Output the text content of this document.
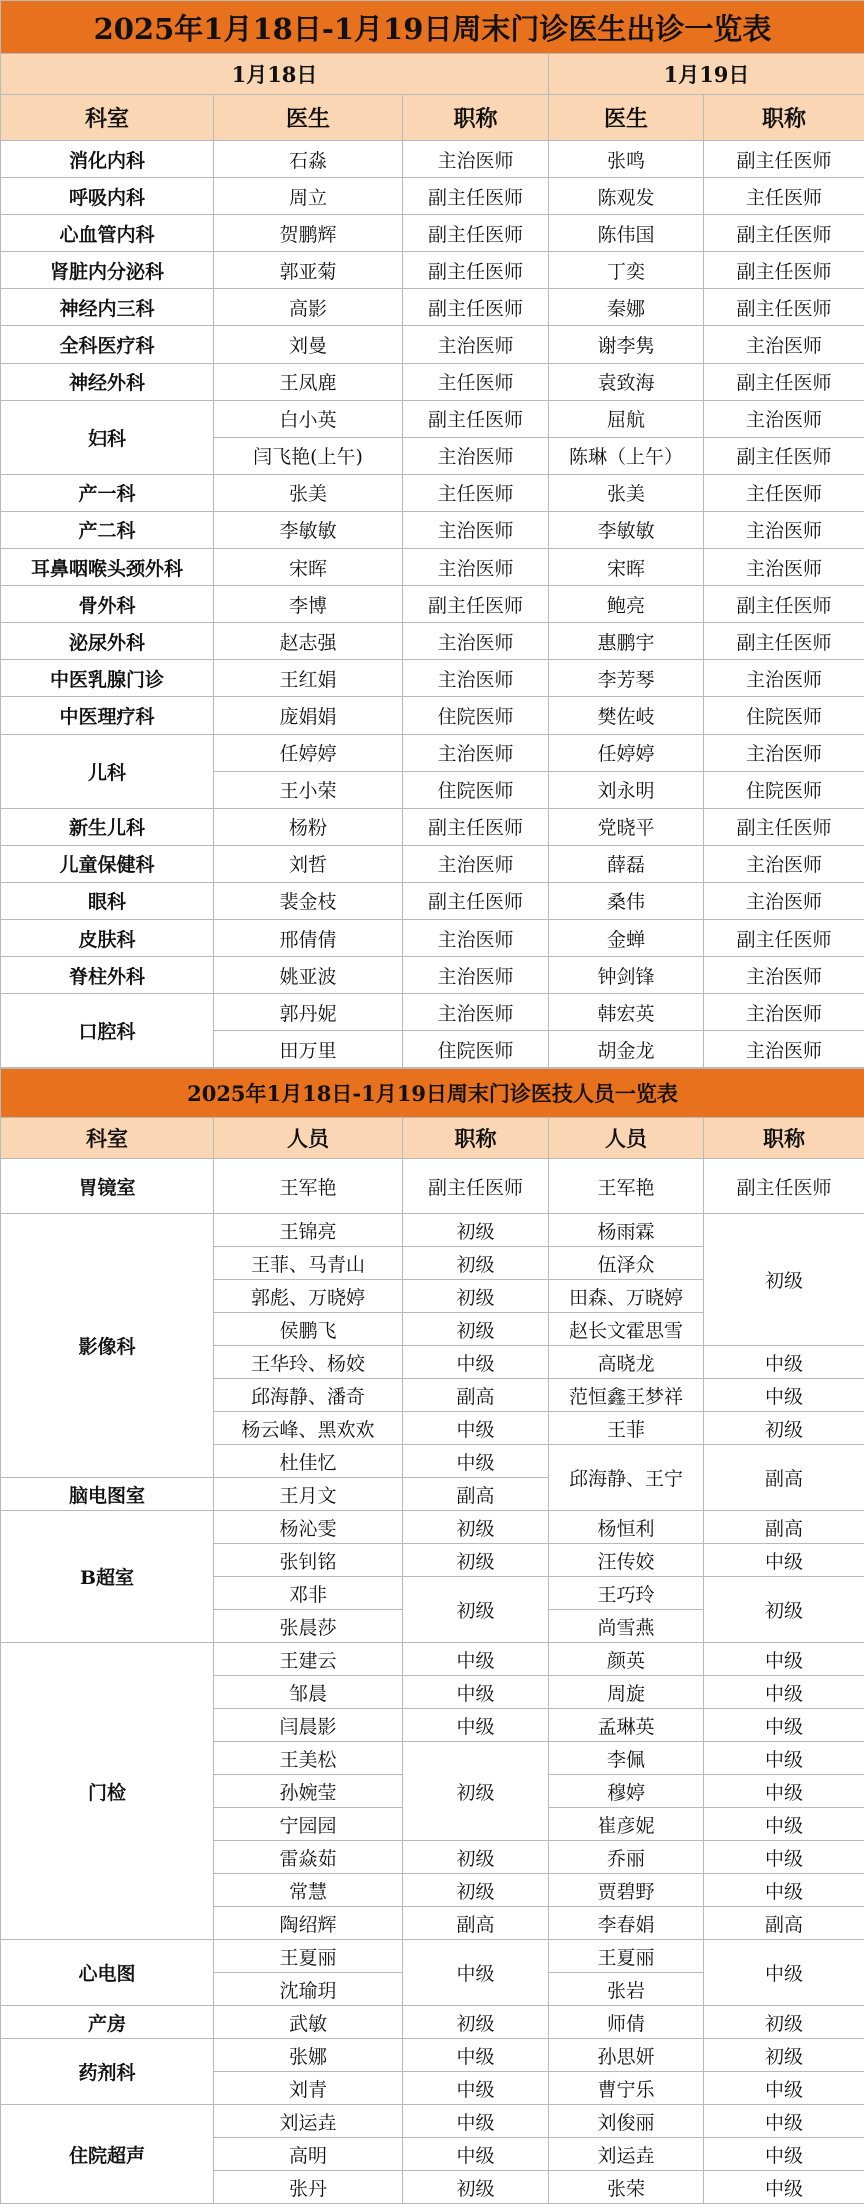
2025年1月18日-1月19日周末门诊医生出诊一览表				
1月18日			1月19日	
科室	医生	职称	医生	职称
消化内科	石淼	主治医师	张鸣	副主任医师
呼吸内科	周立	副主任医师	陈观发	主任医师
心血管内科	贺鹏辉	副主任医师	陈伟国	副主任医师
肾脏内分泌科	郭亚菊	副主任医师	丁奕	副主任医师
神经内三科	高影	副主任医师	秦娜	副主任医师
全科医疗科	刘曼	主治医师	谢李隽	主治医师
神经外科	王凤鹿	主任医师	袁致海	副主任医师
妇科	白小英	副主任医师	屈航	主治医师
	闫飞艳(上午)	主治医师	陈琳（上午）	副主任医师
产一科	张美	主任医师	张美	主任医师
产二科	李敏敏	主治医师	李敏敏	主治医师
耳鼻咽喉头颈外科	宋晖	主治医师	宋晖	主治医师
骨外科	李博	副主任医师	鲍亮	副主任医师
泌尿外科	赵志强	主治医师	惠鹏宇	副主任医师
中医乳腺门诊	王红娟	主治医师	李芳琴	主治医师
中医理疗科	庞娟娟	住院医师	樊佐岐	住院医师
儿科	任婷婷	主治医师	任婷婷	主治医师
	王小荣	住院医师	刘永明	住院医师
新生儿科	杨粉	副主任医师	党晓平	副主任医师
儿童保健科	刘哲	主治医师	薛磊	主治医师
眼科	裴金枝	副主任医师	桑伟	主治医师
皮肤科	邢倩倩	主治医师	金蝉	副主任医师
脊柱外科	姚亚波	主治医师	钟剑锋	主治医师
口腔科	郭丹妮	主治医师	韩宏英	主治医师
	田万里	住院医师	胡金龙	主治医师
2025年1月18日-1月19日周末门诊医技人员一览表				
科室	人员	职称	人员	职称
胃镜室	王军艳	副主任医师	王军艳	副主任医师
影像科	王锦亮	初级	杨雨霖	初级
	王菲、马青山	初级	伍泽众	
	郭彪、万晓婷	初级	田森、万晓婷	
	侯鹏飞	初级	赵长文霍思雪	
	王华玲、杨姣	中级	高晓龙	中级
	邱海静、潘奇	副高	范恒鑫王梦祥	中级
	杨云峰、黑欢欢	中级	王菲	初级
	杜佳忆	中级	邱海静、王宁	副高
脑电图室	王月文	副高		
B超室	杨沁雯	初级	杨恒利	副高
	张钊铭	初级	汪传姣	中级
	邓非	初级	王巧玲	初级
	张晨莎		尚雪燕	
门检	王建云	中级	颜英	中级
	邹晨	中级	周旋	中级
	闫晨影	中级	孟琳英	中级
	王美松	初级	李佩	中级
	孙婉莹		穆婷	中级
	宁园园		崔彦妮	中级
	雷焱茹	初级	乔丽	中级
	常慧	初级	贾碧野	中级
	陶绍辉	副高	李春娟	副高
心电图	王夏丽	中级	王夏丽	中级
	沈瑜玥		张岩	
产房	武敏	初级	师倩	初级
药剂科	张娜	中级	孙思妍	初级
	刘青	中级	曹宁乐	中级
住院超声	刘运垚	中级	刘俊丽	中级
	高明	中级	刘运垚	中级
	张丹	初级	张荣	中级
